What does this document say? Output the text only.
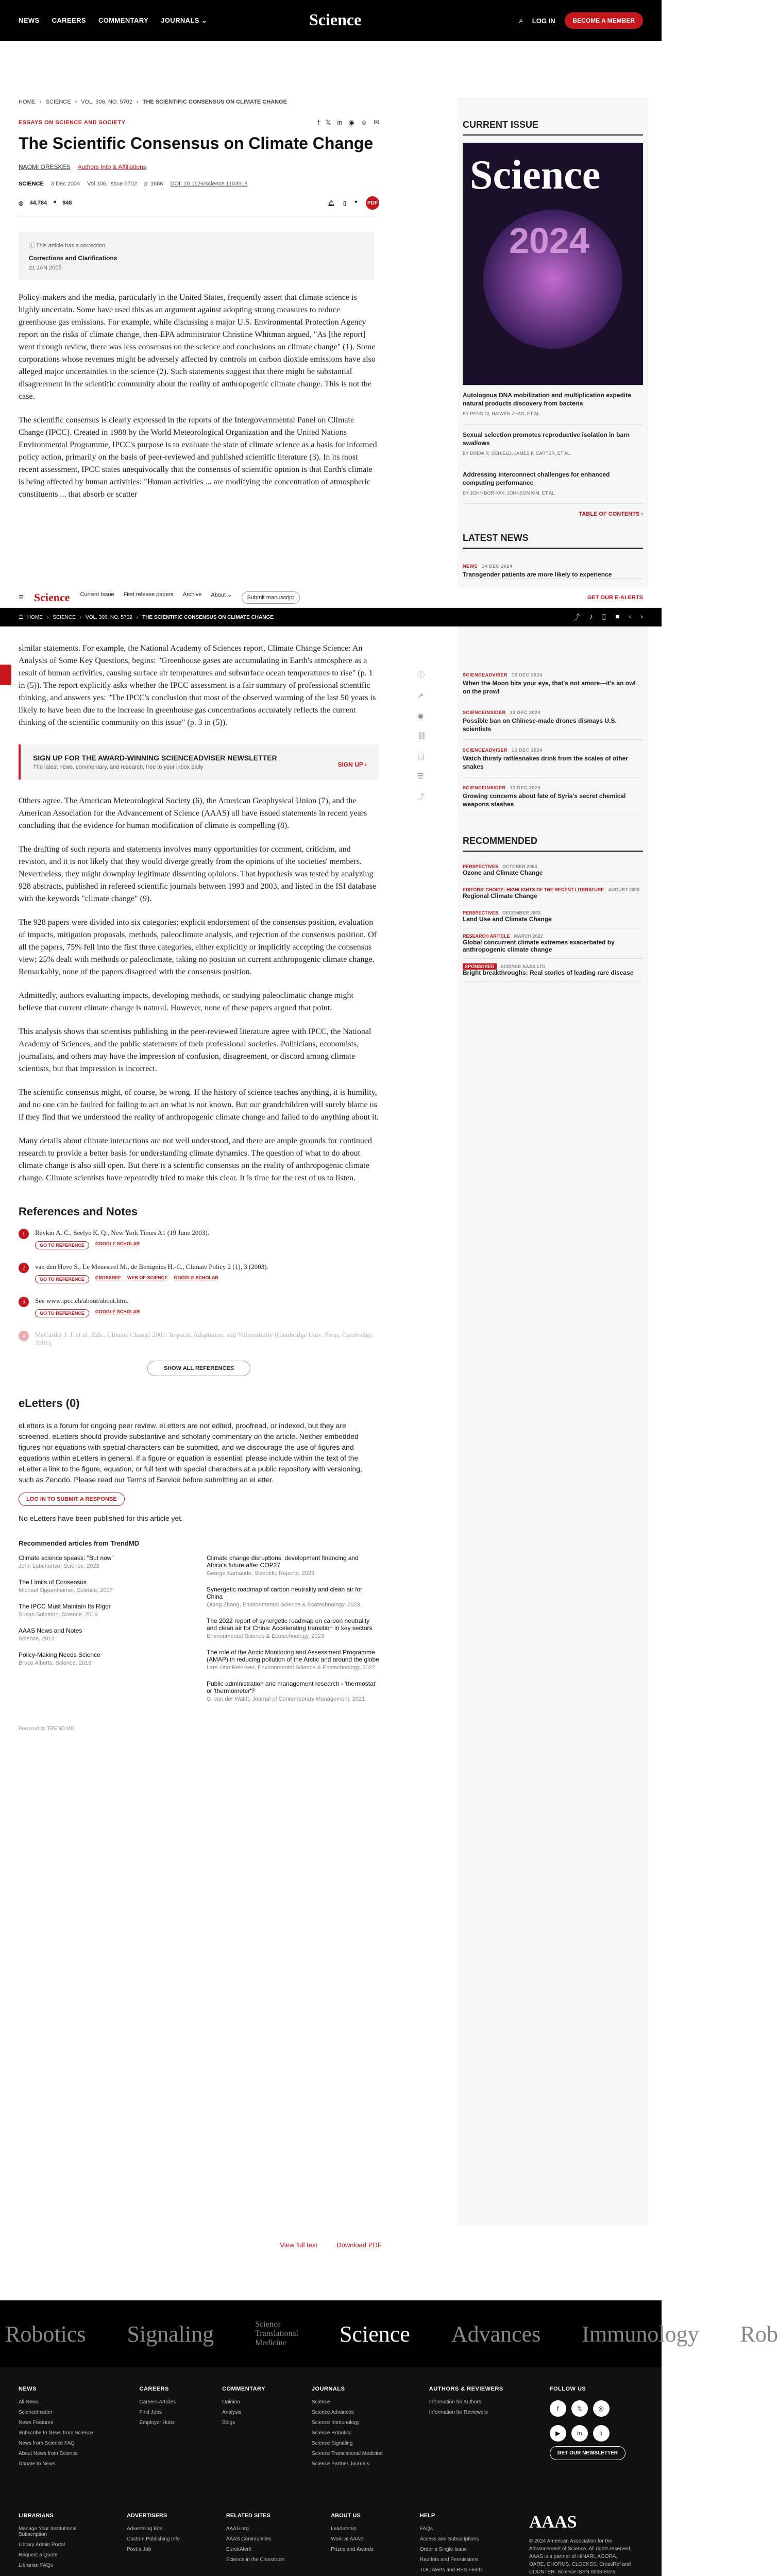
NEWS CAREERS COMMENTARY JOURNALS ⌄	⌕ LOG IN	BECOME A MEMBER
Science
HOME › SCIENCE › VOL. 306, NO. 5702 › THE SCIENTIFIC CONSENSUS ON CLIMATE CHANGE
ESSAYS ON SCIENCE AND SOCIETY	f 𝕏 in ◉ ☺ ✉
The Scientific Consensus on Climate Change
NAOMI ORESKES Authors Info & Affiliations
SCIENCE 3 Dec 2004 Vol 306, Issue 5702 p. 1686 DOI: 10.1126/science.1103618
◎ 44,784 ❝ 948	🔔︎ ▯ ❞	PDF
ⓘ This article has a correction.
Corrections and Clarifications
21 JAN 2005

Policy-makers and the media, particularly in the United States, frequently assert that climate science is highly uncertain. Some have used this as an argument against adopting strong measures to reduce greenhouse gas emissions. For example, while discussing a major U.S. Environmental Protection Agency report on the risks of climate change, then-EPA administrator Christine Whitman argued, "As [the report] went through review, there was less consensus on the science and conclusions on climate change" (1). Some corporations whose revenues might be adversely affected by controls on carbon dioxide emissions have also alleged major uncertainties in the science (2). Such statements suggest that there might be substantial disagreement in the scientific community about the reality of anthropogenic climate change. This is not the case.

The scientific consensus is clearly expressed in the reports of the Intergovernmental Panel on Climate Change (IPCC). Created in 1988 by the World Meteorological Organization and the United Nations Environmental Programme, IPCC's purpose is to evaluate the state of climate science as a basis for informed policy action, primarily on the basis of peer-reviewed and published scientific literature (3). In its most recent assessment, IPCC states unequivocally that the consensus of scientific opinion is that Earth's climate is being affected by human activities: "Human activities ... are modifying the concentration of atmospheric constituents ... that absorb or scatter

☰ Science Current Issue First release papers Archive About ⌄	Submit manuscript	GET OUR E-ALERTS
☰ HOME › SCIENCE › VOL. 306, NO. 5702 › THE SCIENTIFIC CONSENSUS ON CLIMATE CHANGE	⤴ ♪ ▯ ■ ‹ ›
ⓘ
↗
◉
⛓
▤
☰
⤴

similar statements. For example, the National Academy of Sciences report, Climate Change Science: An Analysis of Some Key Questions, begins: "Greenhouse gases are accumulating in Earth's atmosphere as a result of human activities, causing surface air temperatures and subsurface ocean temperatures to rise" (p. 1 in (5)). The report explicitly asks whether the IPCC assessment is a fair summary of professional scientific thinking, and answers yes: "The IPCC's conclusion that most of the observed warming of the last 50 years is likely to have been due to the increase in greenhouse gas concentrations accurately reflects the current thinking of the scientific community on this issue" (p. 3 in (5)).

SIGN UP FOR THE AWARD-WINNING SCIENCEADVISER NEWSLETTER
The latest news, commentary, and research, free to your inbox daily	SIGN UP ›

Others agree. The American Meteorological Society (6), the American Geophysical Union (7), and the American Association for the Advancement of Science (AAAS) all have issued statements in recent years concluding that the evidence for human modification of climate is compelling (8).

The drafting of such reports and statements involves many opportunities for comment, criticism, and revision, and it is not likely that they would diverge greatly from the opinions of the societies' members. Nevertheless, they might downplay legitimate dissenting opinions. That hypothesis was tested by analyzing 928 abstracts, published in refereed scientific journals between 1993 and 2003, and listed in the ISI database with the keywords "climate change" (9).

The 928 papers were divided into six categories: explicit endorsement of the consensus position, evaluation of impacts, mitigation proposals, methods, paleoclimate analysis, and rejection of the consensus position. Of all the papers, 75% fell into the first three categories, either explicitly or implicitly accepting the consensus view; 25% dealt with methods or paleoclimate, taking no position on current anthropogenic climate change. Remarkably, none of the papers disagreed with the consensus position.

Admittedly, authors evaluating impacts, developing methods, or studying paleoclimatic change might believe that current climate change is natural. However, none of these papers argued that point.

This analysis shows that scientists publishing in the peer-reviewed literature agree with IPCC, the National Academy of Sciences, and the public statements of their professional societies. Politicians, economists, journalists, and others may have the impression of confusion, disagreement, or discord among climate scientists, but that impression is incorrect.

The scientific consensus might, of course, be wrong. If the history of science teaches anything, it is humility, and no one can be faulted for failing to act on what is not known. But our grandchildren will surely blame us if they find that we understood the reality of anthropogenic climate change and failed to do anything about it.

Many details about climate interactions are not well understood, and there are ample grounds for continued research to provide a better basis for understanding climate dynamics. The question of what to do about climate change is also still open. But there is a scientific consensus on the reality of anthropogenic climate change. Climate scientists have repeatedly tried to make this clear. It is time for the rest of us to listen.

References and Notes
1	Revkin A. C., Seelye K. Q., New York Times A1 (19 June 2003).
GO TO REFERENCE	GOOGLE SCHOLAR
2	van den Hove S., Le Menestrel M., de Bettignies H.-C., Climate Policy 2 (1), 3 (2003).
GO TO REFERENCE	CROSSREF WEB OF SCIENCE GOOGLE SCHOLAR
3	See www.ipcc.ch/about/about.htm.
GO TO REFERENCE	GOOGLE SCHOLAR
4	McCarthy J. J. et al., Eds., Climate Change 2001: Impacts, Adaptation, and Vulnerability (Cambridge Univ. Press, Cambridge, 2001).
SHOW ALL REFERENCES
eLetters (0)

eLetters is a forum for ongoing peer review. eLetters are not edited, proofread, or indexed, but they are screened. eLetters should provide substantive and scholarly commentary on the article. Neither embedded figures nor equations with special characters can be submitted, and we discourage the use of figures and equations within eLetters in general. If a figure or equation is essential, please include within the text of the eLetter a link to the figure, equation, or full text with special characters at a public repository with versioning, such as Zenodo. Please read our Terms of Service before submitting an eLetter.

LOG IN TO SUBMIT A RESPONSE

No eLetters have been published for this article yet.

Recommended articles from TrendMD
Climate science speaks: "But now"
John Lubchenco, Science, 2023
The Limits of Consensus
Michael Oppenheimer, Science, 2007
The IPCC Must Maintain Its Rigor
Susan Solomon, Science, 2019
AAAS News and Notes
Science, 2013
Policy-Making Needs Science
Bruce Alberts, Science, 2013
Climate change disruptions, development financing and Africa's future after COP27
George Kamando, Scientific Reports, 2023
Synergetic roadmap of carbon neutrality and clean air for China
Qiang Zhang, Environmental Science & Ecotechnology, 2023
The 2022 report of synergetic roadmap on carbon neutrality and clean air for China: Accelerating transition in key sectors
Environmental Science & Ecotechnology, 2023
The role of the Arctic Monitoring and Assessment Programme (AMAP) in reducing pollution of the Arctic and around the globe
Lars-Otto Reiersen, Environmental Science & Ecotechnology, 2022
Public administration and management research - 'thermostat' or 'thermometer'?
G. van der Waldt, Journal of Contemporary Management, 2021
Powered by TREND MD
View full text	Download PDF
Robotics Signaling	Science Translational Medicine	Science Advances Immunology Rob
NEWS
All News
ScienceInsider
News Features
Subscribe to News from Science
News from Science FAQ
About News from Science
Donate to News
CAREERS
Careers Articles
Find Jobs
Employer Hubs
COMMENTARY
Opinion
Analysis
Blogs
JOURNALS
Science
Science Advances
Science Immunology
Science Robotics
Science Signaling
Science Translational Medicine
Science Partner Journals
AUTHORS & REVIEWERS
Information for Authors
Information for Reviewers
FOLLOW US
f	𝕏	◎
▶	in	⌇
GET OUR NEWSLETTER
LIBRARIANS
Manage Your Institutional Subscription
Library Admin Portal
Request a Quote
Librarian FAQs
ADVERTISERS
Advertising Kits
Custom Publishing Info
Post a Job
RELATED SITES
AAAS.org
AAAS Communities
EurekAlert!
Science in the Classroom
ABOUT US
Leadership
Work at AAAS
Prizes and Awards
HELP
FAQs
Access and Subscriptions
Order a Single Issue
Reprints and Permissions
TOC Alerts and RSS Feeds
AAAS
© 2024 American Association for the Advancement of Science. All rights reserved. AAAS is a partner of HINARI, AGORA, OARE, CHORUS, CLOCKSS, CrossRef and COUNTER. Science ISSN 0036-8075.
CURRENT ISSUE
Science
2024
Autologous DNA mobilization and multiplication expedite natural products discovery from bacteria
BY PENG NI, HAIWEN ZHAO, ET AL.
Sexual selection promotes reproductive isolation in barn swallows
BY DREW R. SCHIELD, JAMES F. CARTER, ET AL.
Addressing interconnect challenges for enhanced computing performance
BY JOHN BOR-YAK, JOHNSON KIM, ET AL.
TABLE OF CONTENTS ›
LATEST NEWS
NEWS 14 DEC 2024
Transgender patients are more likely to experience
SCIENCEADVISER 13 DEC 2024
When the Moon hits your eye, that's not amore—it's an owl on the prowl
SCIENCEINSIDER 13 DEC 2024
Possible ban on Chinese-made drones dismays U.S. scientists
SCIENCEADVISER 13 DEC 2024
Watch thirsty rattlesnakes drink from the scales of other snakes
SCIENCEINSIDER 12 DEC 2024
Growing concerns about fate of Syria's secret chemical weapons stashes
RECOMMENDED
PERSPECTIVES OCTOBER 2003
Ozone and Climate Change
EDITORS' CHOICE: HIGHLIGHTS OF THE RECENT LITERATURE AUGUST 2003
Regional Climate Change
PERSPECTIVES DECEMBER 2003
Land Use and Climate Change
RESEARCH ARTICLE MARCH 2022
Global concurrent climate extremes exacerbated by anthropogenic climate change
SPONSORED SCIENCE AAAS LTD
Bright breakthroughs: Real stories of leading rare disease
